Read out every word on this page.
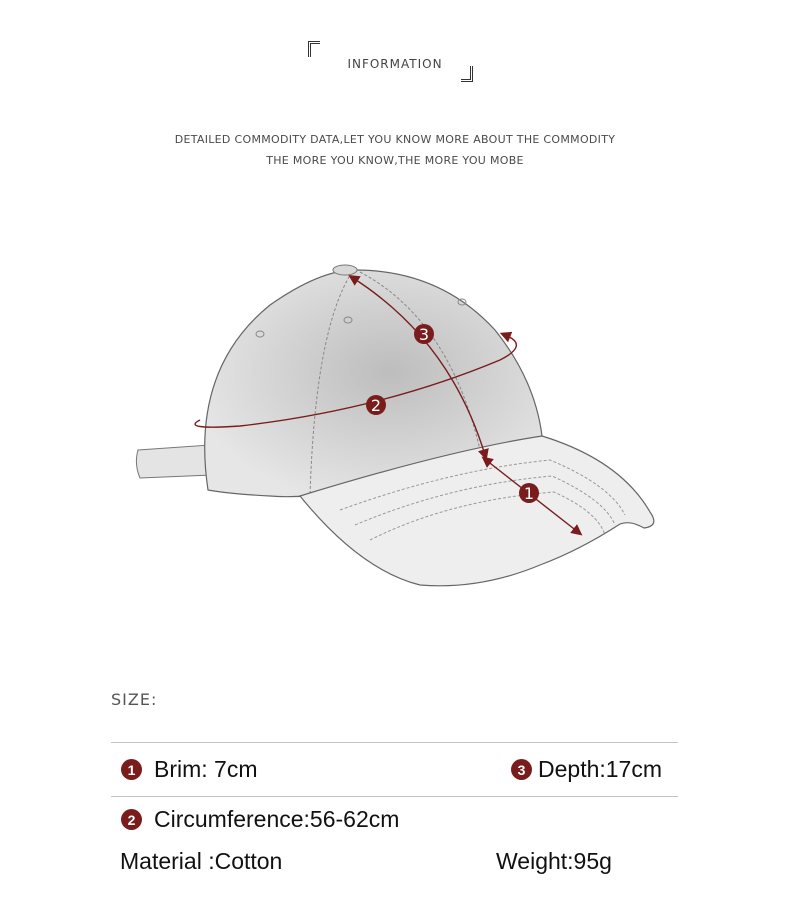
INFORMATION
DETAILED COMMODITY DATA,LET YOU KNOW MORE ABOUT THE COMMODITY
THE MORE YOU KNOW,THE MORE YOU MOBE
3
2
1
SIZE:
1 Brim: 7cm	3 Depth:17cm
2 Circumference:56-62cm
Material :Cotton	Weight:95g
